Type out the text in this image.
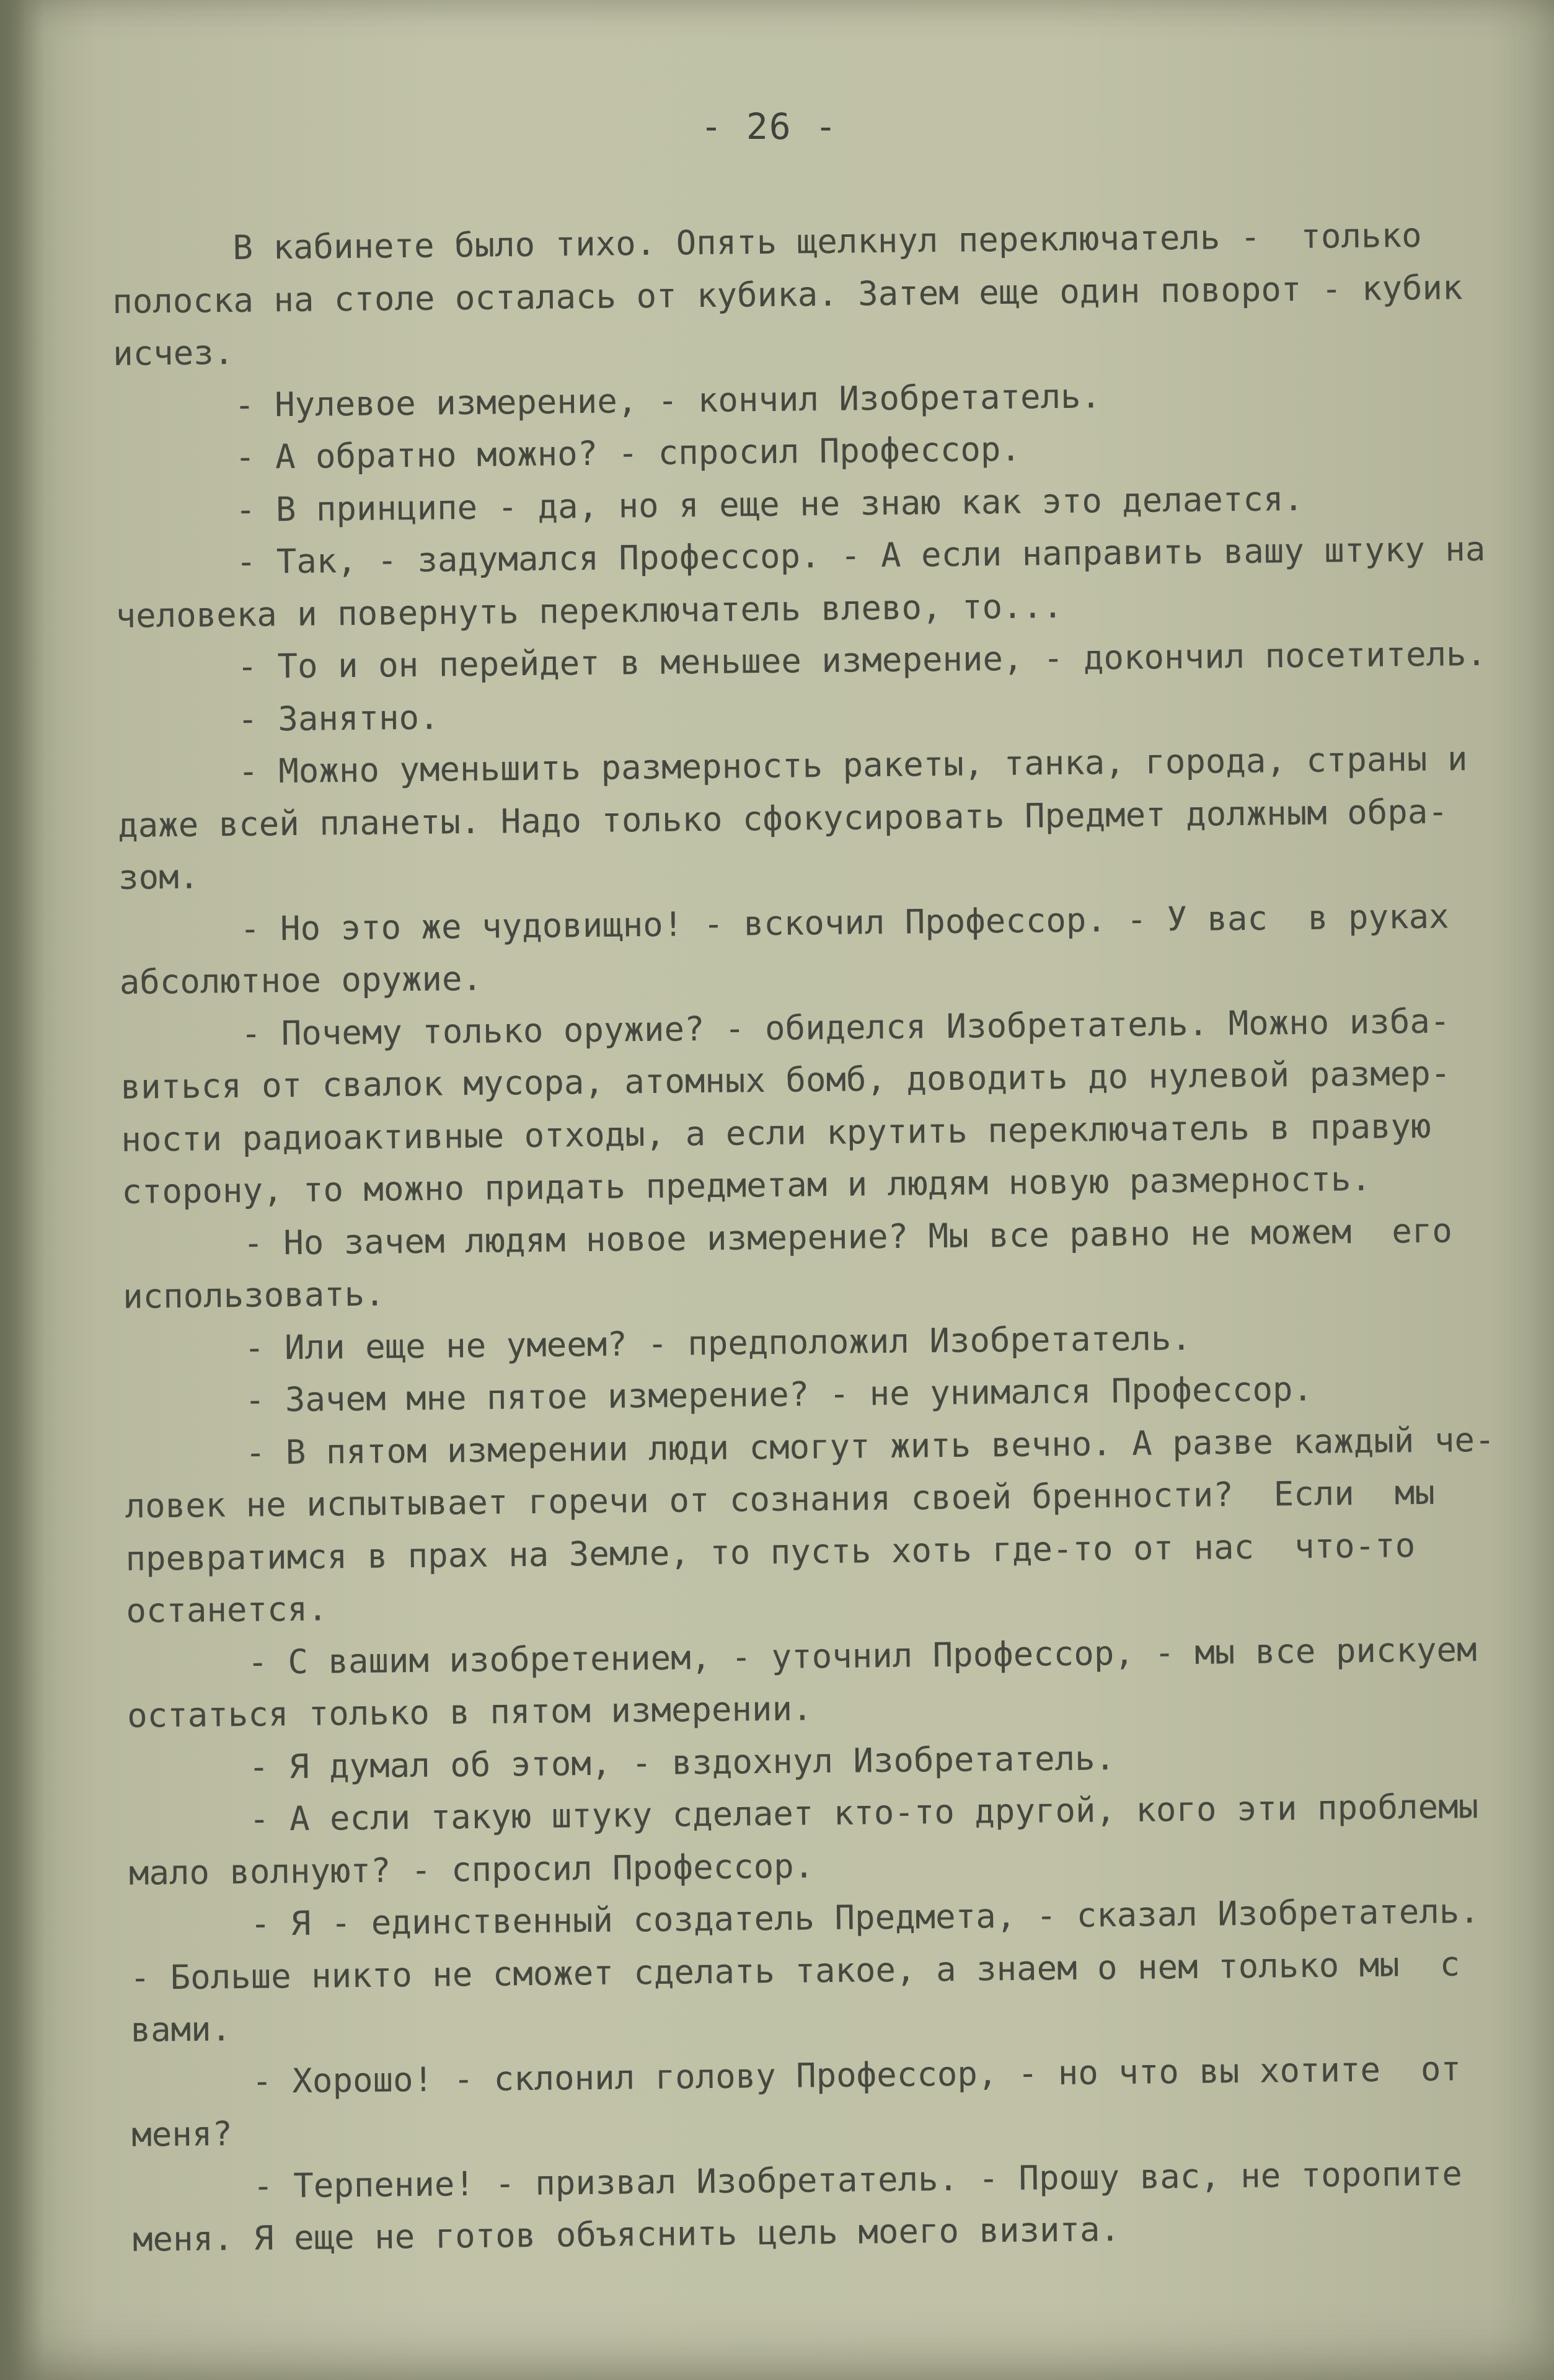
- 26 -
В кабинете было тихо. Опять щелкнул переключатель -  только
полоска на столе осталась от кубика. Затем еще один поворот - кубик
исчез.
- Нулевое измерение, - кончил Изобретатель.
- А обратно можно? - спросил Профессор.
- В принципе - да, но я еще не знаю как это делается.
- Так, - задумался Профессор. - А если направить вашу штуку на
человека и повернуть переключатель влево, то...
- То и он перейдет в меньшее измерение, - докончил посетитель.
- Занятно.
- Можно уменьшить размерность ракеты, танка, города, страны и
даже всей планеты. Надо только сфокусировать Предмет должным обра-
зом.
- Но это же чудовищно! - вскочил Профессор. - У вас  в руках
абсолютное оружие.
- Почему только оружие? - обиделся Изобретатель. Можно изба-
виться от свалок мусора, атомных бомб, доводить до нулевой размер-
ности радиоактивные отходы, а если крутить переключатель в правую
сторону, то можно придать предметам и людям новую размерность.
- Но зачем людям новое измерение? Мы все равно не можем  его
использовать.
- Или еще не умеем? - предположил Изобретатель.
- Зачем мне пятое измерение? - не унимался Профессор.
- В пятом измерении люди смогут жить вечно. А разве каждый че-
ловек не испытывает горечи от сознания своей бренности?  Если  мы
превратимся в прах на Земле, то пусть хоть где-то от нас  что-то
останется.
- С вашим изобретением, - уточнил Профессор, - мы все рискуем
остаться только в пятом измерении.
- Я думал об этом, - вздохнул Изобретатель.
- А если такую штуку сделает кто-то другой, кого эти проблемы
мало волнуют? - спросил Профессор.
- Я - единственный создатель Предмета, - сказал Изобретатель.
- Больше никто не сможет сделать такое, а знаем о нем только мы  с
вами.
- Хорошо! - склонил голову Профессор, - но что вы хотите  от
меня?
- Терпение! - призвал Изобретатель. - Прошу вас, не торопите
меня. Я еще не готов объяснить цель моего визита.
